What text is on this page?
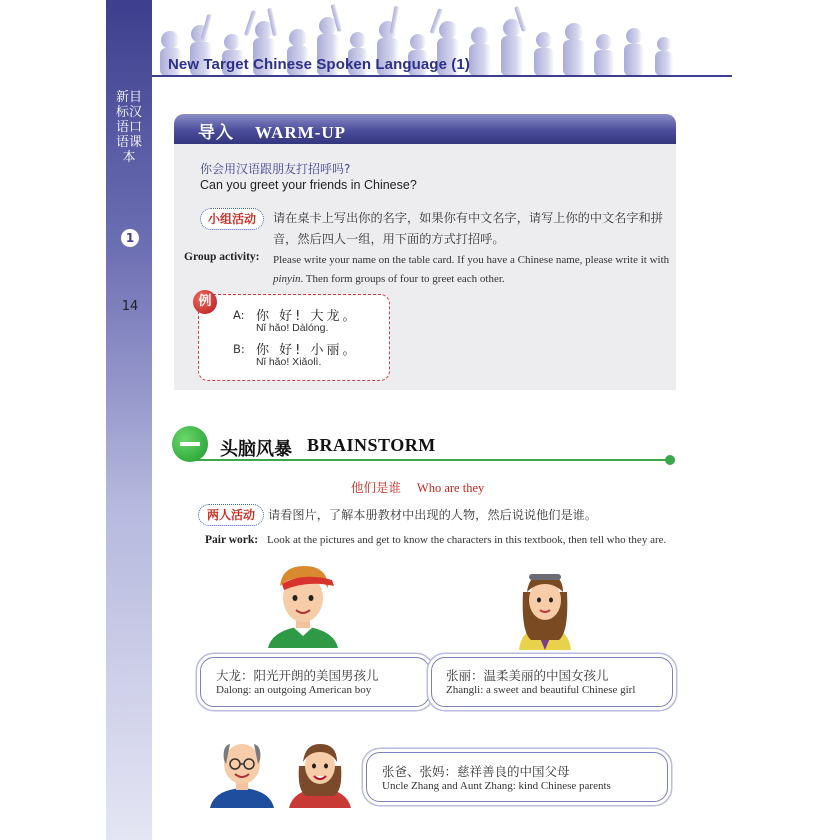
新目标汉语口语课本
1
14
New Target Chinese Spoken Language (1)
导入 WARM-UP
你会用汉语跟朋友打招呼吗?
Can you greet your friends in Chinese?
小组活动	请在桌卡上写出你的名字，如果你有中文名字，请写上你的中文名字和拼音，然后四人一组，用下面的方式打招呼。
Group activity: Please write your name on the table card. If you have a Chinese name, please write it with pinyin. Then form groups of four to greet each other.
例
A: 你 好! 大龙。
Nǐ hǎo! Dàlóng.
B: 你 好! 小丽。
Nǐ hǎo! Xiǎolì.
头脑风暴 BRAINSTORM
他们是谁 Who are they
两人活动	请看图片，了解本册教材中出现的人物，然后说说他们是谁。
Pair work: Look at the pictures and get to know the characters in this textbook, then tell who they are.
大龙：阳光开朗的美国男孩儿
Dalong: an outgoing American boy
张丽：温柔美丽的中国女孩儿
Zhangli: a sweet and beautiful Chinese girl
张爸、张妈：慈祥善良的中国父母
Uncle Zhang and Aunt Zhang: kind Chinese parents
